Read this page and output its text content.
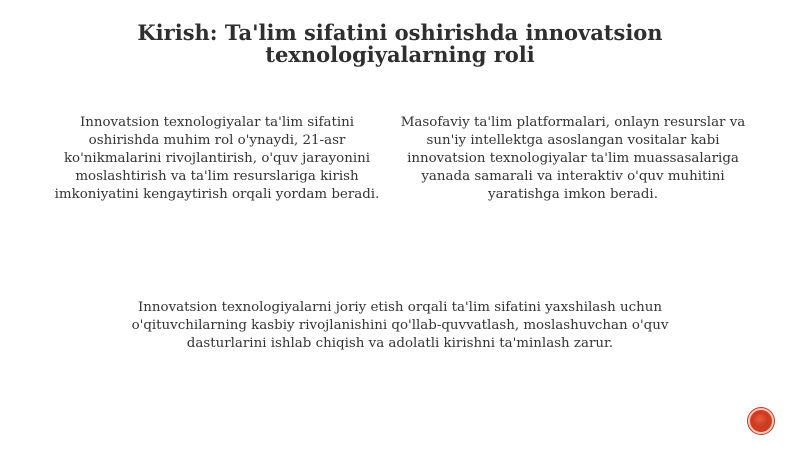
Kirish: Ta'lim sifatini oshirishda innovatsion texnologiyalarning roli

Innovatsion texnologiyalar ta'lim sifatini oshirishda muhim rol o'ynaydi, 21-asr ko'nikmalarini rivojlantirish, o'quv jarayonini moslashtirish va ta'lim resurslariga kirish imkoniyatini kengaytirish orqali yordam beradi.

Masofaviy ta'lim platformalari, onlayn resurslar va sun'iy intellektga asoslangan vositalar kabi innovatsion texnologiyalar ta'lim muassasalariga yanada samarali va interaktiv o'quv muhitini yaratishga imkon beradi.

Innovatsion texnologiyalarni joriy etish orqali ta'lim sifatini yaxshilash uchun o'qituvchilarning kasbiy rivojlanishini qo'llab-quvvatlash, moslashuvchan o'quv dasturlarini ishlab chiqish va adolatli kirishni ta'minlash zarur.
